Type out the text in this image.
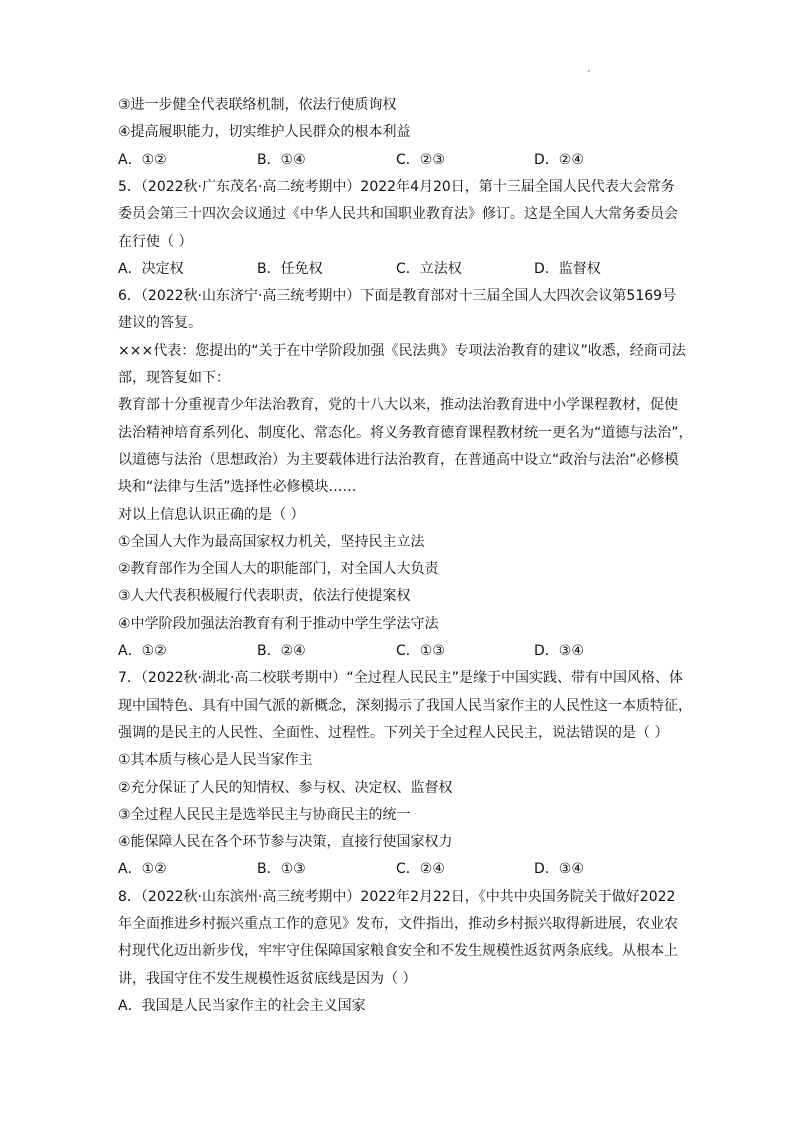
③进一步健全代表联络机制，依法行使质询权
④提高履职能力，切实维护人民群众的根本利益
5．（2022秋·广东茂名·高二统考期中）2022年4月20日，第十三届全国人民代表大会常务
委员会第三十四次会议通过《中华人民共和国职业教育法》修订。这是全国人大常务委员会
在行使（ ）
6．（2022秋·山东济宁·高三统考期中）下面是教育部对十三届全国人大四次会议第5169号
建议的答复。
×××代表：您提出的“关于在中学阶段加强《民法典》专项法治教育的建议”收悉，经商司法
部，现答复如下：
教育部十分重视青少年法治教育，党的十八大以来，推动法治教育进中小学课程教材，促使
法治精神培育系列化、制度化、常态化。将义务教育德育课程教材统一更名为“道德与法治”，
以道德与法治（思想政治）为主要载体进行法治教育，在普通高中设立“政治与法治”必修模
块和“法律与生活”选择性必修模块……
对以上信息认识正确的是（ ）
①全国人大作为最高国家权力机关，坚持民主立法
②教育部作为全国人大的职能部门，对全国人大负责
③人大代表积极履行代表职责，依法行使提案权
④中学阶段加强法治教育有利于推动中学生学法守法
7．（2022秋·湖北·高二校联考期中）“全过程人民民主”是缘于中国实践、带有中国风格、体
现中国特色、具有中国气派的新概念，深刻揭示了我国人民当家作主的人民性这一本质特征，
强调的是民主的人民性、全面性、过程性。下列关于全过程人民民主，说法错误的是（ ）
①其本质与核心是人民当家作主
②充分保证了人民的知情权、参与权、决定权、监督权
③全过程人民民主是选举民主与协商民主的统一
④能保障人民在各个环节参与决策，直接行使国家权力
8．（2022秋·山东滨州·高三统考期中）2022年2月22日，《中共中央国务院关于做好2022
年全面推进乡村振兴重点工作的意见》发布，文件指出，推动乡村振兴取得新进展，农业农
村现代化迈出新步伐，牢牢守住保障国家粮食安全和不发生规模性返贫两条底线。从根本上
讲，我国守住不发生规模性返贫底线是因为（ ）
A．我国是人民当家作主的社会主义国家
A．①②	B．①④	C．②③	D．②④
A．决定权	B．任免权	C．立法权	D．监督权
A．①②	B．②④	C．①③	D．③④
A．①②	B．①③	C．②④	D．③④
